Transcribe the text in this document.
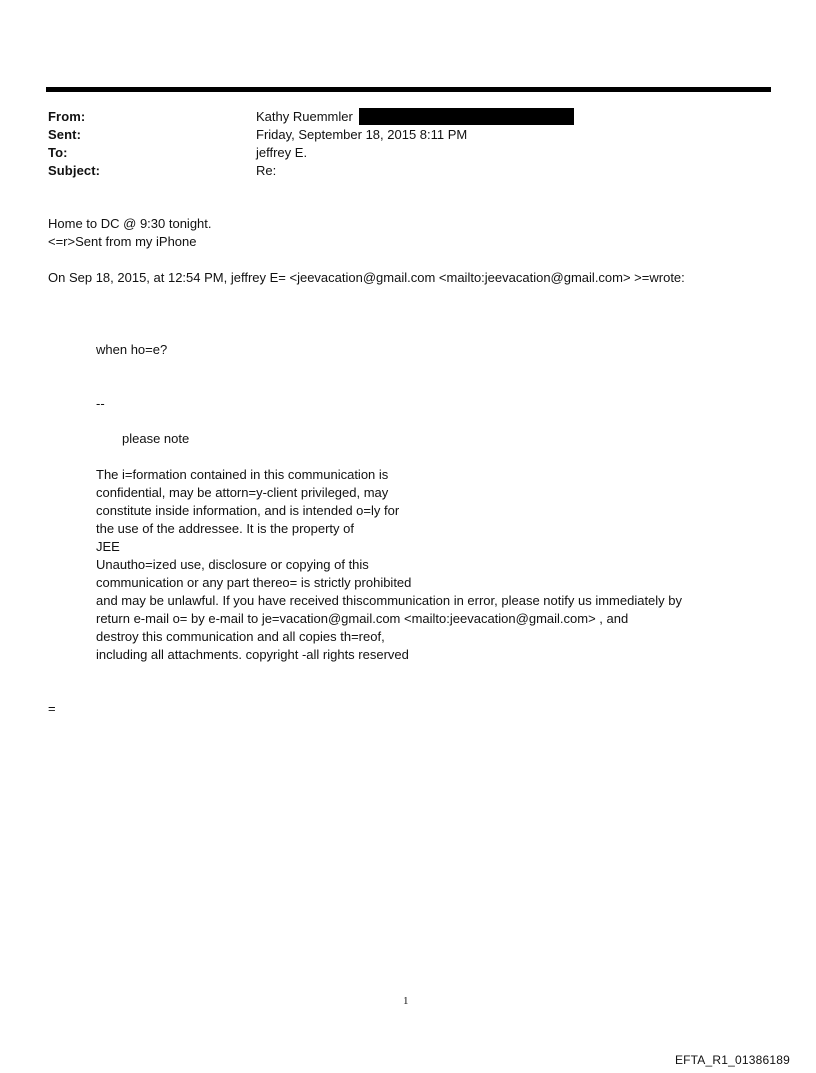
From:	Kathy Ruemmler
Sent:	Friday, September 18, 2015 8:11 PM
To:	jeffrey E.
Subject:	Re:
Home to DC @ 9:30 tonight.
<=r>Sent from my iPhone
On Sep 18, 2015, at 12:54 PM, jeffrey E= <jeevacation@gmail.com <mailto:jeevacation@gmail.com> >=wrote:
when ho=e?
--
please note
The i=formation contained in this communication is
confidential, may be attorn=y-client privileged, may
constitute inside information, and is intended o=ly for
the use of the addressee. It is the property of
JEE
Unautho=ized use, disclosure or copying of this
communication or any part thereo= is strictly prohibited
and may be unlawful. If you have received thiscommunication in error, please notify us immediately by
return e-mail o= by e-mail to je=vacation@gmail.com <mailto:jeevacation@gmail.com> , and
destroy this communication and all copies th=reof,
including all attachments. copyright -all rights reserved
=
1
EFTA_R1_01386189
